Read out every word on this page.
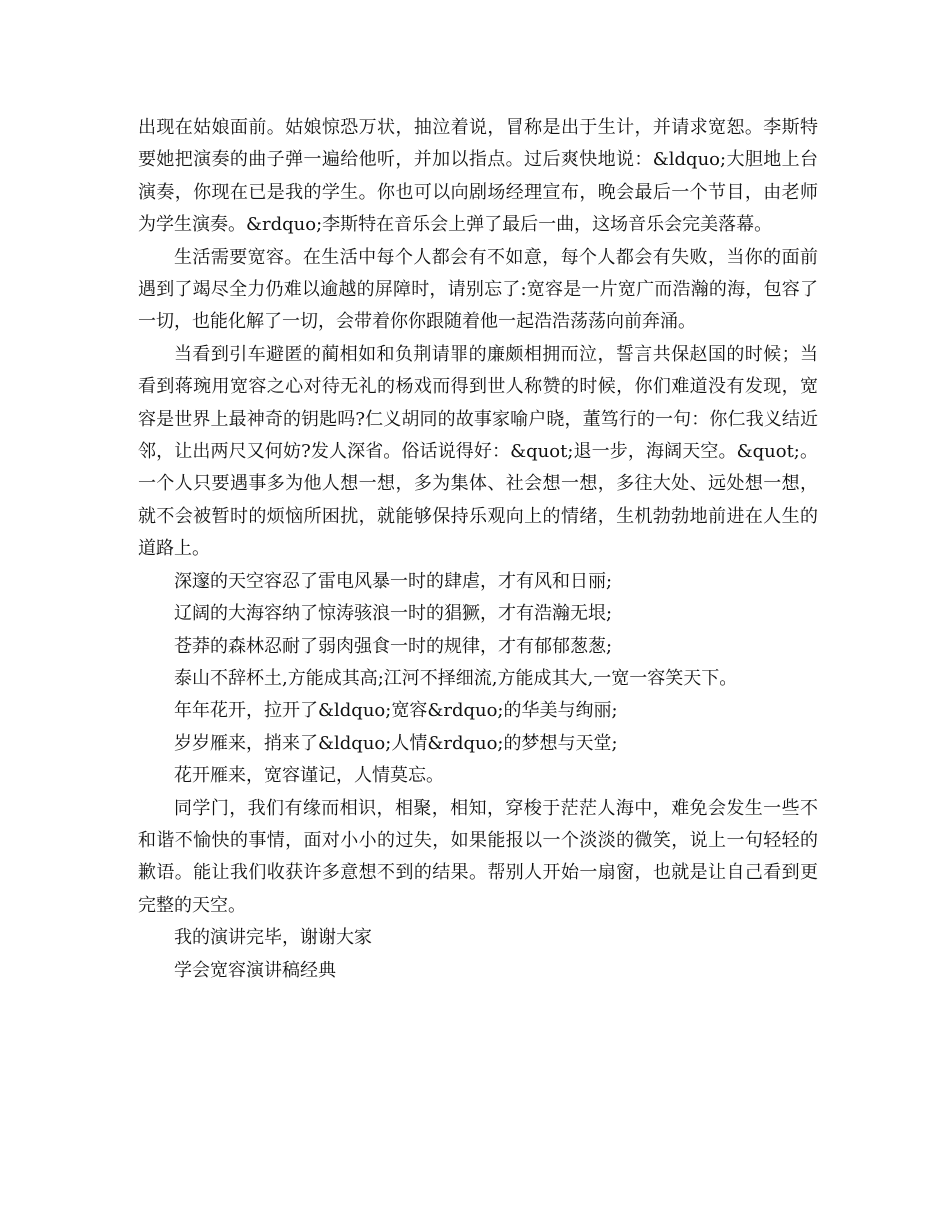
出现在姑娘面前。姑娘惊恐万状，抽泣着说，冒称是出于生计，并请求宽恕。李斯特要她把演奏的曲子弹一遍给他听，并加以指点。过后爽快地说：&ldquo;大胆地上台演奏，你现在已是我的学生。你也可以向剧场经理宣布，晚会最后一个节目，由老师为学生演奏。&rdquo;李斯特在音乐会上弹了最后一曲，这场音乐会完美落幕。

生活需要宽容。在生活中每个人都会有不如意，每个人都会有失败，当你的面前遇到了竭尽全力仍难以逾越的屏障时，请别忘了:宽容是一片宽广而浩瀚的海，包容了一切，也能化解了一切，会带着你你跟随着他一起浩浩荡荡向前奔涌。

当看到引车避匿的蔺相如和负荆请罪的廉颇相拥而泣，誓言共保赵国的时候；当看到蒋琬用宽容之心对待无礼的杨戏而得到世人称赞的时候，你们难道没有发现，宽容是世界上最神奇的钥匙吗?仁义胡同的故事家喻户晓，董笃行的一句：你仁我义结近邻，让出两尺又何妨?发人深省。俗话说得好：&quot;退一步，海阔天空。&quot;。一个人只要遇事多为他人想一想，多为集体、社会想一想，多往大处、远处想一想，就不会被暂时的烦恼所困扰，就能够保持乐观向上的情绪，生机勃勃地前进在人生的道路上。

深邃的天空容忍了雷电风暴一时的肆虐，才有风和日丽;

辽阔的大海容纳了惊涛骇浪一时的猖獗，才有浩瀚无垠;

苍莽的森林忍耐了弱肉强食一时的规律，才有郁郁葱葱;

泰山不辞杯土,方能成其高;江河不择细流,方能成其大,一宽一容笑天下。

年年花开，拉开了&ldquo;宽容&rdquo;的华美与绚丽;

岁岁雁来，捎来了&ldquo;人情&rdquo;的梦想与天堂;

花开雁来，宽容谨记，人情莫忘。

同学门，我们有缘而相识，相聚，相知，穿梭于茫茫人海中，难免会发生一些不和谐不愉快的事情，面对小小的过失，如果能报以一个淡淡的微笑，说上一句轻轻的歉语。能让我们收获许多意想不到的结果。帮别人开始一扇窗，也就是让自己看到更完整的天空。

我的演讲完毕，谢谢大家

学会宽容演讲稿经典
